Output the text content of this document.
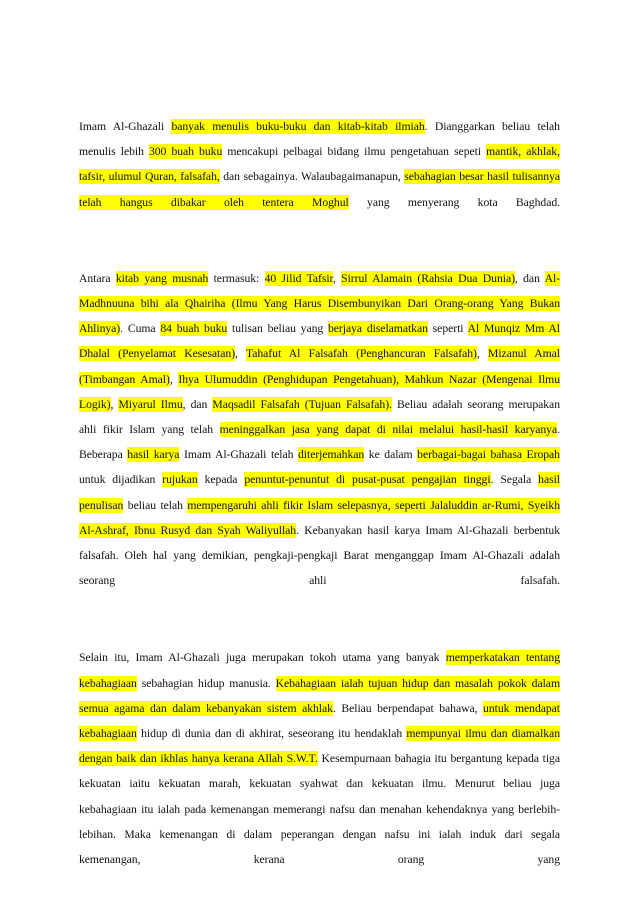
Imam Al-Ghazali banyak menulis buku-buku dan kitab-kitab ilmiah. Dianggarkan beliau telah menulis lebih 300 buah buku mencakupi pelbagai bidang ilmu pengetahuan sepeti mantik, akhlak, tafsir, ulumul Quran, falsafah, dan sebagainya. Walaubagaimanapun, sebahagian besar hasil tulisannya telah hangus dibakar oleh tentera Moghul yang menyerang kota Baghdad.

Antara kitab yang musnah termasuk: 40 Jilid Tafsir, Sirrul Alamain (Rahsia Dua Dunia), dan Al-Madhnuuna bihi ala Qhairiha (Ilmu Yang Harus Disembunyikan Dari Orang-orang Yang Bukan Ahlinya). Cuma 84 buah buku tulisan beliau yang berjaya diselamatkan seperti Al Munqiz Mm Al Dhalal (Penyelamat Kesesatan), Tahafut Al Falsafah (Penghancuran Falsafah), Mizanul Amal (Timbangan Amal), Ihya Ulumuddin (Penghidupan Pengetahuan), Mahkun Nazar (Mengenai Ilmu Logik), Miyarul Ilmu, dan Maqsadil Falsafah (Tujuan Falsafah). Beliau adalah seorang merupakan ahli fikir Islam yang telah meninggalkan jasa yang dapat di nilai melalui hasil-hasil karyanya. Beberapa hasil karya Imam Al-Ghazali telah diterjemahkan ke dalam berbagai-bagai bahasa Eropah untuk dijadikan rujukan kepada penuntut-penuntut di pusat-pusat pengajian tinggi. Segala hasil penulisan beliau telah mempengaruhi ahli fikir Islam selepasnya, seperti Jalaluddin ar-Rumi, Syeikh Al-Ashraf, Ibnu Rusyd dan Syah Waliyullah. Kebanyakan hasil karya Imam Al-Ghazali berbentuk falsafah. Oleh hal yang demikian, pengkaji-pengkaji Barat menganggap Imam Al-Ghazali adalah seorang ahli falsafah.

Selain itu, Imam Al-Ghazali juga merupakan tokoh utama yang banyak memperkatakan tentang kebahagiaan sebahagian hidup manusia. Kebahagiaan ialah tujuan hidup dan masalah pokok dalam semua agama dan dalam kebanyakan sistem akhlak. Beliau berpendapat bahawa, untuk mendapat kebahagiaan hidup di dunia dan di akhirat, seseorang itu hendaklah mempunyai ilmu dan diamalkan dengan baik dan ikhlas hanya kerana Allah S.W.T. Kesempurnaan bahagia itu bergantung kepada tiga kekuatan iaitu kekuatan marah, kekuatan syahwat dan kekuatan ilmu. Menurut beliau juga kebahagiaan itu ialah pada kemenangan memerangi nafsu dan menahan kehendaknya yang berlebih-lebihan. Maka kemenangan di dalam peperangan dengan nafsu ini ialah induk dari segala kemenangan, kerana orang yang
